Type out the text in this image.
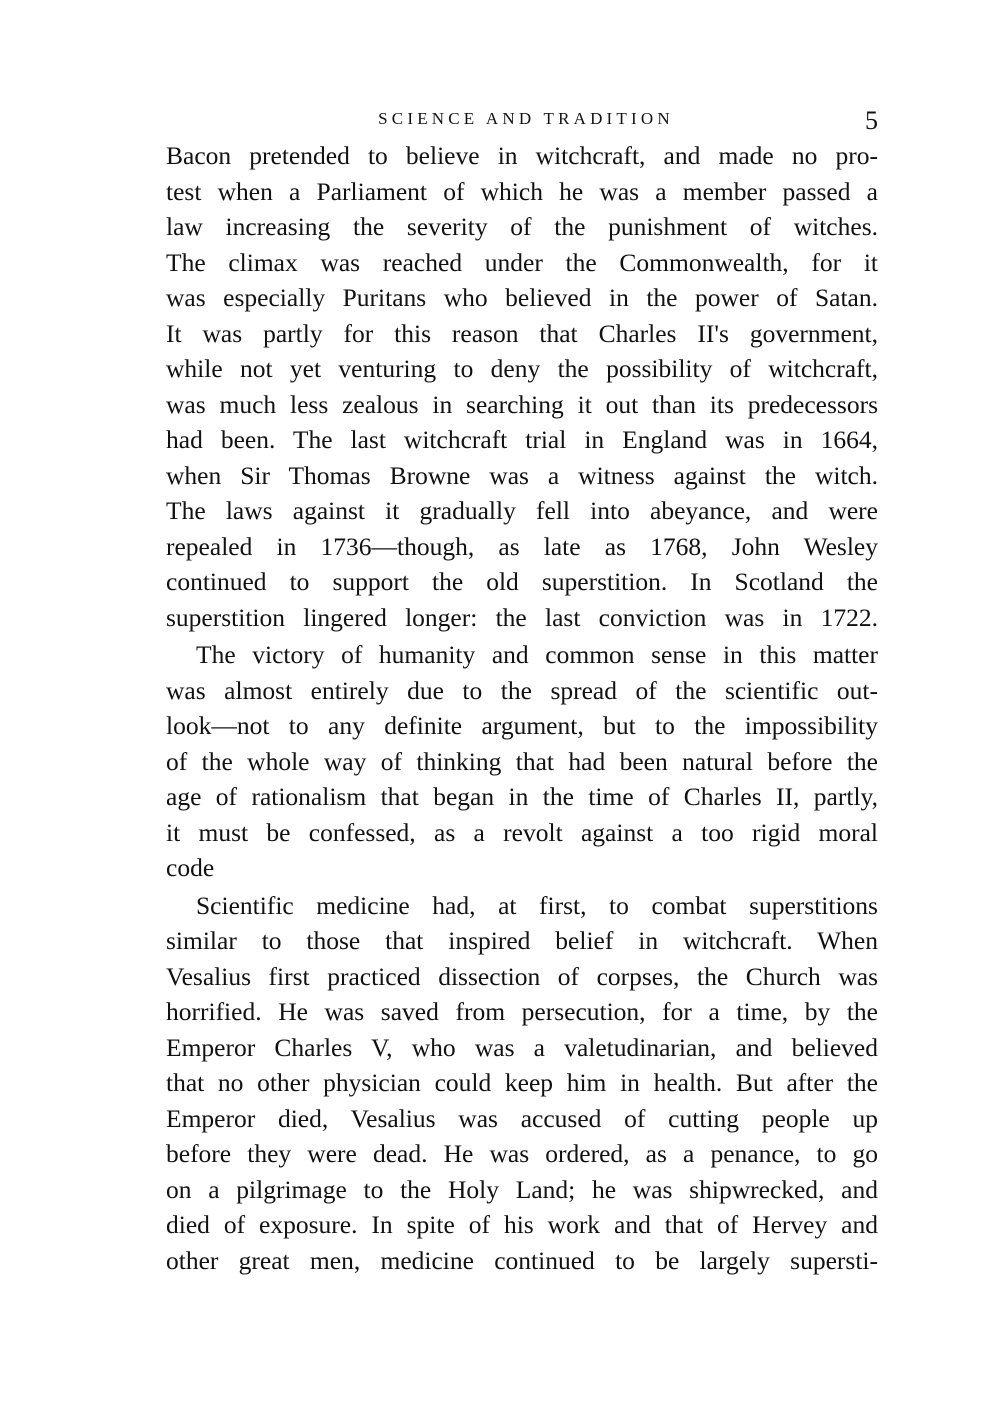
SCIENCE AND TRADITION	5
Bacon pretended to believe in witchcraft, and made no pro-
test when a Parliament of which he was a member passed a
law increasing the severity of the punishment of witches.
The climax was reached under the Commonwealth, for it
was especially Puritans who believed in the power of Satan.
It was partly for this reason that Charles II's government,
while not yet venturing to deny the possibility of witchcraft,
was much less zealous in searching it out than its predecessors
had been. The last witchcraft trial in England was in 1664,
when Sir Thomas Browne was a witness against the witch.
The laws against it gradually fell into abeyance, and were
repealed in 1736—though, as late as 1768, John Wesley
continued to support the old superstition. In Scotland the
superstition lingered longer: the last conviction was in 1722.
The victory of humanity and common sense in this matter
was almost entirely due to the spread of the scientific out-
look—not to any definite argument, but to the impossibility
of the whole way of thinking that had been natural before the
age of rationalism that began in the time of Charles II, partly,
it must be confessed, as a revolt against a too rigid moral
code
Scientific medicine had, at first, to combat superstitions
similar to those that inspired belief in witchcraft. When
Vesalius first practiced dissection of corpses, the Church was
horrified. He was saved from persecution, for a time, by the
Emperor Charles V, who was a valetudinarian, and believed
that no other physician could keep him in health. But after the
Emperor died, Vesalius was accused of cutting people up
before they were dead. He was ordered, as a penance, to go
on a pilgrimage to the Holy Land; he was shipwrecked, and
died of exposure. In spite of his work and that of Hervey and
other great men, medicine continued to be largely supersti-
